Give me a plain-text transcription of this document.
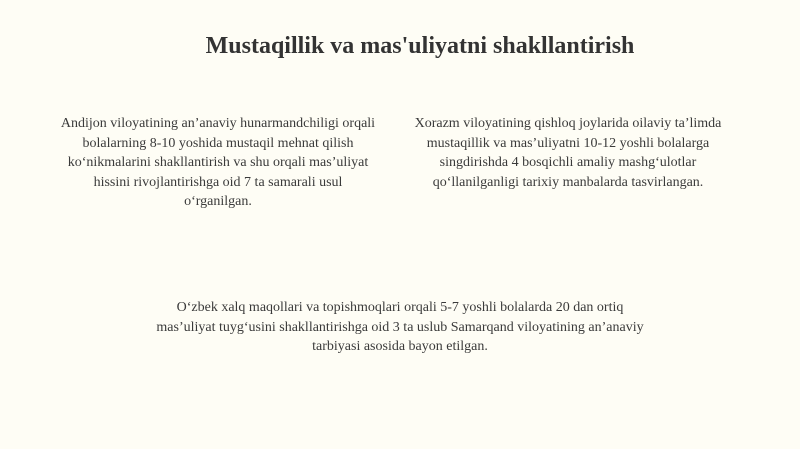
Mustaqillik va mas'uliyatni shakllantirish

Andijon viloyatining an’anaviy hunarmandchiligi orqali bolalarning 8-10 yoshida mustaqil mehnat qilish ko‘nikmalarini shakllantirish va shu orqali mas’uliyat hissini rivojlantirishga oid 7 ta samarali usul o‘rganilgan.

Xorazm viloyatining qishloq joylarida oilaviy ta’limda mustaqillik va mas’uliyatni 10-12 yoshli bolalarga singdirishda 4 bosqichli amaliy mashg‘ulotlar qo‘llanilganligi tarixiy manbalarda tasvirlangan.

O‘zbek xalq maqollari va topishmoqlari orqali 5-7 yoshli bolalarda 20 dan ortiq mas’uliyat tuyg‘usini shakllantirishga oid 3 ta uslub Samarqand viloyatining an’anaviy tarbiyasi asosida bayon etilgan.
